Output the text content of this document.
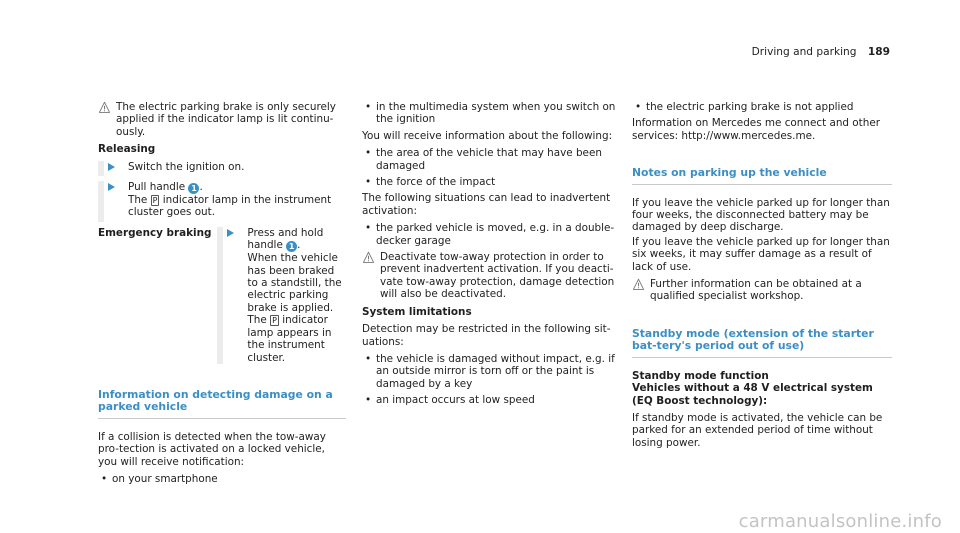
Driving and parking 189
The electric parking brake is only securely applied if the indicator lamp is lit continu-ously.
Releasing
Switch the ignition on.
Pull handle 1 .
The P indicator lamp in the instrument cluster goes out.
Emergency braking	Press and hold handle 1 .
When the vehicle has been braked to a standstill, the electric parking brake is applied. The P indicator lamp appears in the instrument cluster.
Information on detecting damage on a parked vehicle

If a collision is detected when the tow-away pro-tection is activated on a locked vehicle, you will receive notification:

• on your smartphone
• in the multimedia system when you switch on the ignition

You will receive information about the following:

• the area of the vehicle that may have been damaged
• the force of the impact

The following situations can lead to inadvertent activation:

• the parked vehicle is moved, e.g. in a double-decker garage
Deactivate tow-away protection in order to prevent inadvertent activation. If you deacti-vate tow-away protection, damage detection will also be deactivated.
System limitations

Detection may be restricted in the following sit-uations:

• the vehicle is damaged without impact, e.g. if an outside mirror is torn off or the paint is damaged by a key
• an impact occurs at low speed
• the electric parking brake is not applied

Information on Mercedes me connect and other services: http://www.mercedes.me.

Notes on parking up the vehicle

If you leave the vehicle parked up for longer than four weeks, the disconnected battery may be damaged by deep discharge.

If you leave the vehicle parked up for longer than six weeks, it may suffer damage as a result of lack of use.

Further information can be obtained at a qualified specialist workshop.
Standby mode (extension of the starter bat-tery's period out of use)
Standby mode function
Vehicles without a 48 V electrical system (EQ Boost technology):

If standby mode is activated, the vehicle can be parked for an extended period of time without losing power.

carmanualsonline.info
